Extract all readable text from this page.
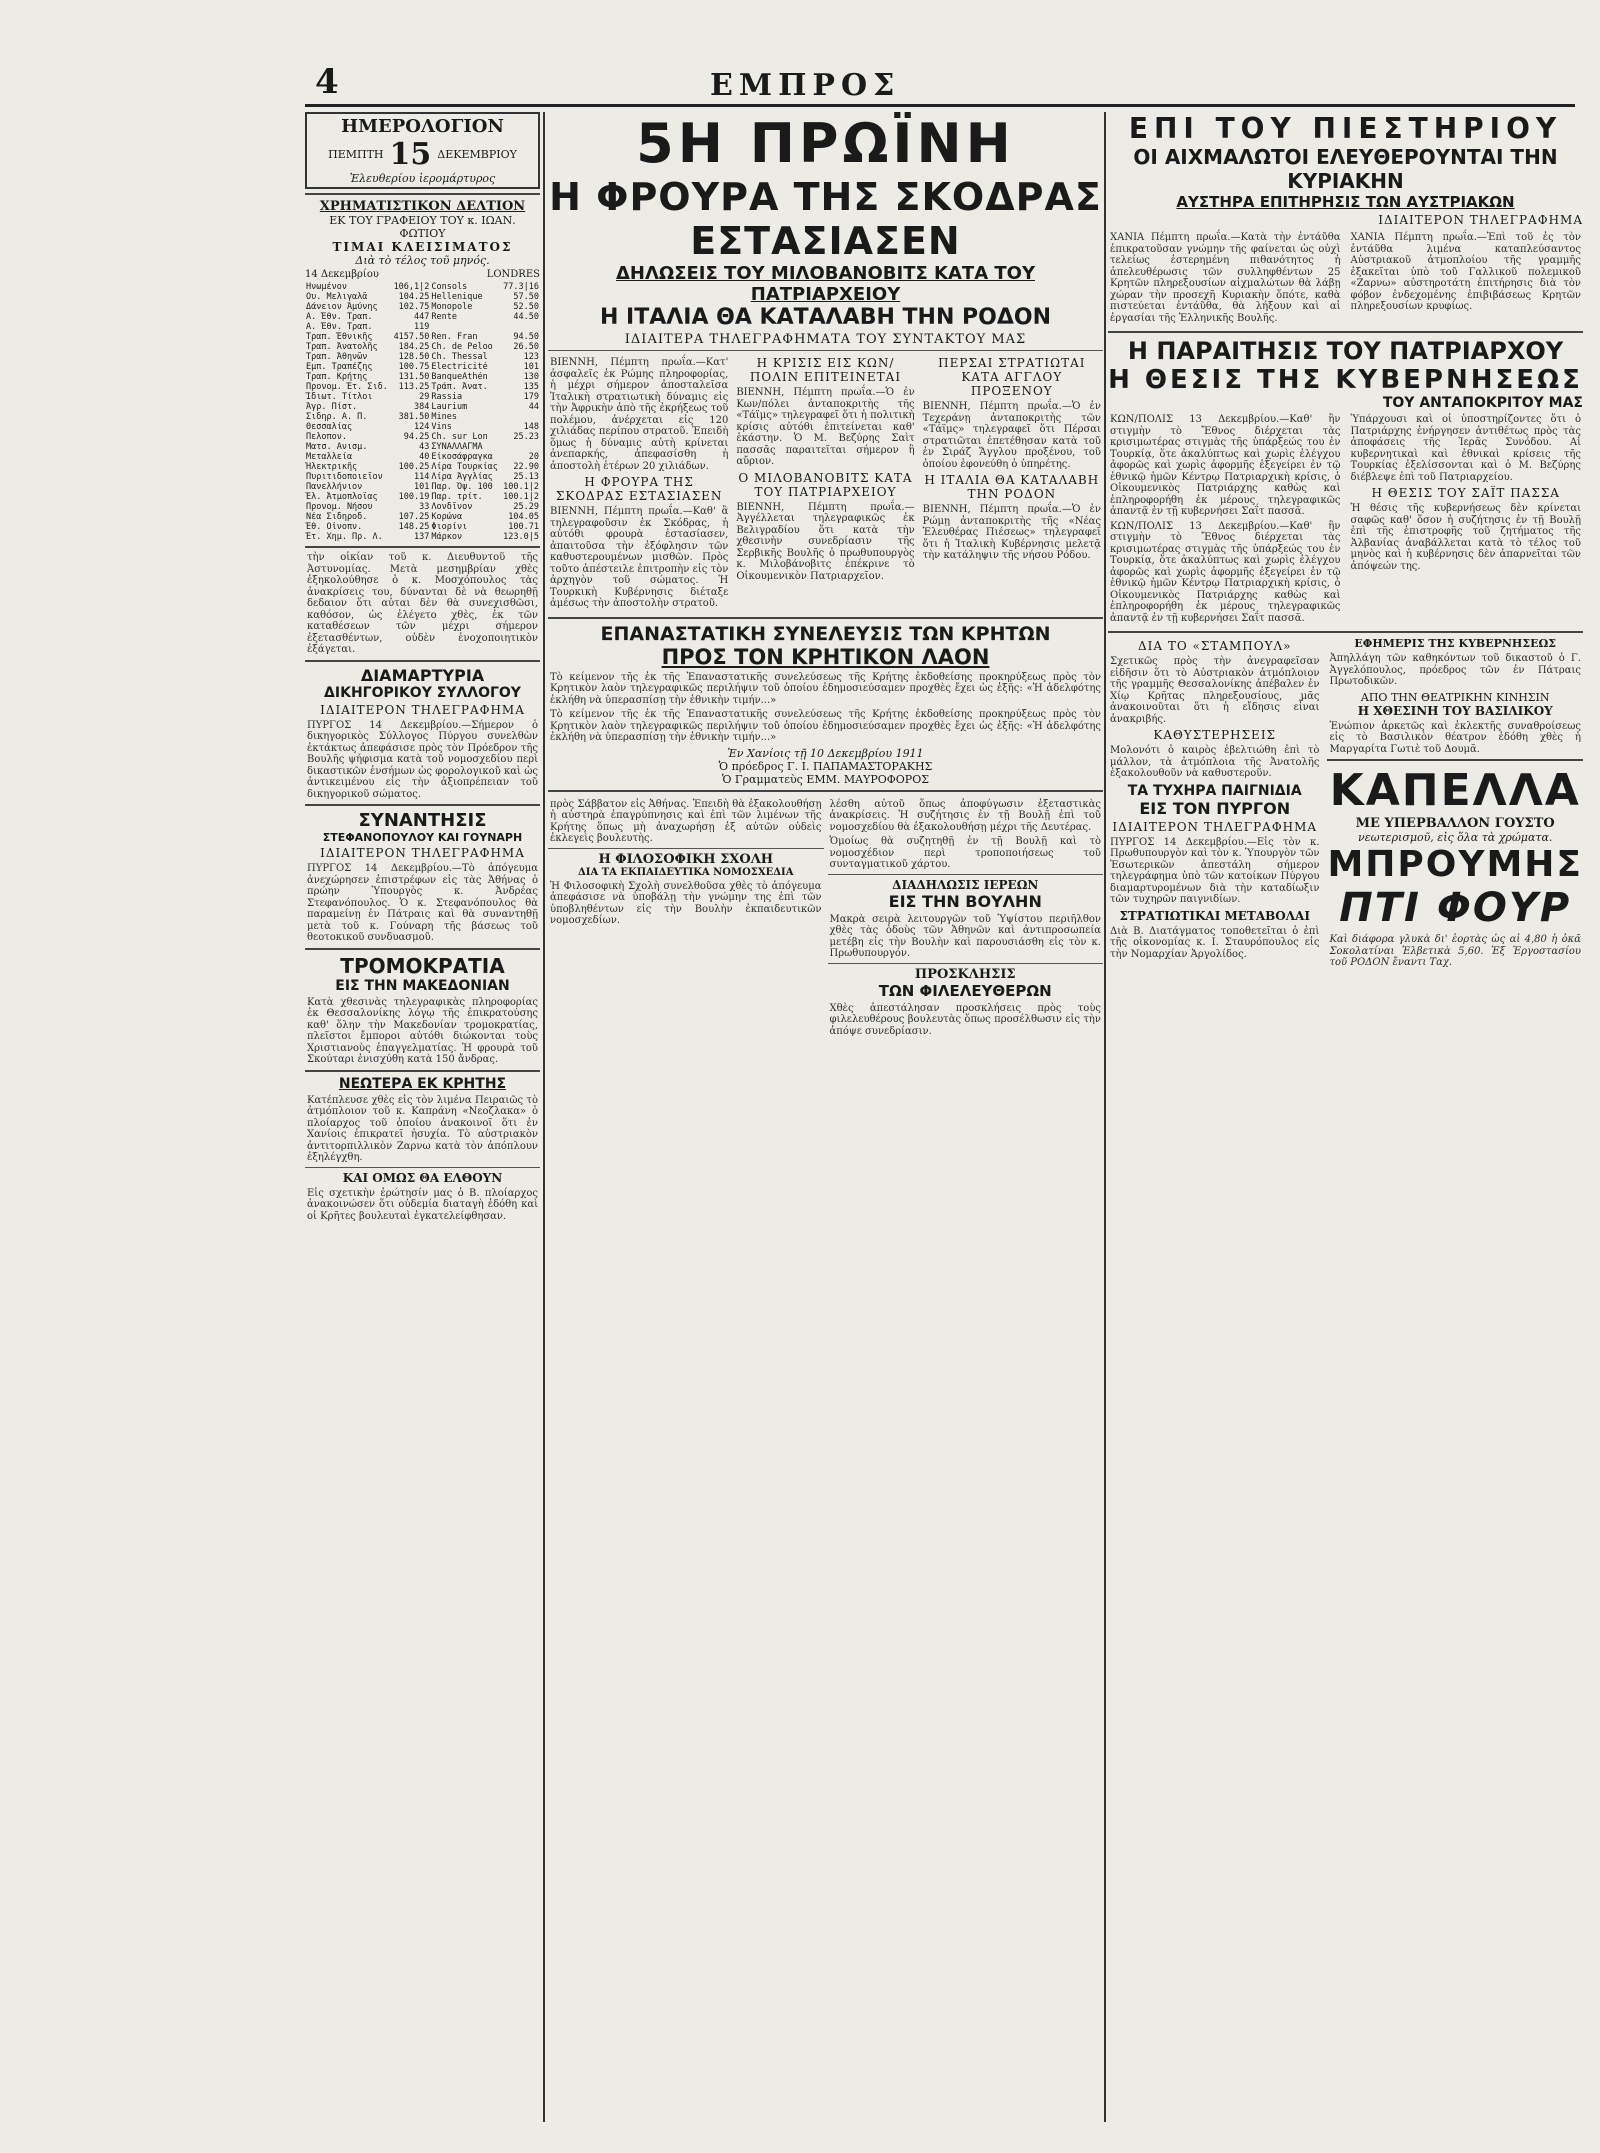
4	ΕΜΠΡΟΣ
ΗΜΕΡΟΛΟΓΙΟΝ
ΠΕΜΠΤΗ 15 ΔΕΚΕΜΒΡΙΟΥ
Ἐλευθερίου ἱερομάρτυρος
ΧΡΗΜΑΤΙΣΤΙΚΟΝ ΔΕΛΤΙΟΝ
ΕΚ ΤΟΥ ΓΡΑΦΕΙΟΥ ΤΟΥ κ. ΙΩΑΝ. ΦΩΤΙΟΥ
ΤΙΜΑΙ ΚΛΕΙΣΙΜΑΤΟΣ
Διὰ τὸ τέλος τοῦ μηνός.
14 Δεκεμβρίου	LONDRES
Ηνωμένον	106,1|2	Consols	77.3|16
Ου. Μελιγαλᾶ	104.25	Hellenique	57.50
Δάνειον Ἀμύνης	102.75	Monopole	52.50
Α. Ἐθν. Τραπ.	447	Rente	44.50
Α. Ἐθν. Τραπ.	119		
Τραπ. Ἐθνικῆς	4157.50	Ren. Fran	94.50
Τραπ. Ἀνατολῆς	184.25	Ch. de Peloo	26.50
Τραπ. Ἀθηνῶν	128.50	Ch. Thessal	123
Εμπ. Τραπέζης	100.75	Electricité	101
Τραπ. Κρήτης	131.50	BanqueAthén	130
Προνομ. Ἐτ. Σιδ.	113.25	Τράπ. Ἀνατ.	135
Ἰδιωτ. Τίτλοι	29	Rassia	179
Ἀγρ. Πίστ.	384	Laurium	44
Σιδηρ. Α. Π.	381.50	Mines	
Θεσσαλίας	124	Vins	148
Πελοπον.	94.25	Ch. sur Lon	25.23
Ματσ. Ανισμ.	43	ΣΥΝΑΛΛΑΓΜΑ	
Μεταλλεία	40	Εἰκοσάφραγκα	20
Ἠλεκτρικῆς	100.25	Λίρα Τουρκίας	22.90
Πυριτιδοποιεῖον	114	Λίρα Ἀγγλίας	25.13
Πανελλήνιον	101	Παρ. Ὀψ. 100	100.1|2
Ἑλ. Ἀτμοπλοΐας	100.19	Παρ. τρίτ.	100.1|2
Προνομ. Νήσου	33	Λονδῖνον	25.29
Νέα Σιδηροδ.	107.25	Κορώνα	104.05
Ἐθ. Οἰνοπν.	148.25	Φιορίνι	100.71
Ἐτ. Χημ. Πρ. Λ.	137	Μάρκον	123.0|5
τὴν οἰκίαν τοῦ κ. Διευθυντοῦ τῆς Ἀστυνομίας. Μετὰ μεσημβρίαν χθὲς ἐξηκολούθησε ὁ κ. Μοσχόπουλος τὰς ἀνακρίσεις του, δύνανται δὲ νὰ θεωρηθῇ δεδαιον ὅτι αὐται δὲν θὰ συνεχισθῶσι, καθόσον, ὡς ἐλέγετο χθὲς, ἐκ τῶν καταθέσεων τῶν μέχρι σήμερον ἐξετασθέντων, οὐδὲν ἐνοχοποιητικὸν ἐξάγεται.
ΔΙΑΜΑΡΤΥΡΙΑ
ΔΙΚΗΓΟΡΙΚΟΥ ΣΥΛΛΟΓΟΥ
ΙΔΙΑΙΤΕΡΟΝ ΤΗΛΕΓΡΑΦΗΜΑ
ΠΥΡΓΟΣ 14 Δεκεμβρίου.—Σήμερον ὁ δικηγορικὸς Σύλλογος Πύργου συνελθὼν ἐκτάκτως ἀπεφάσισε πρὸς τὸν Πρόεδρον τῆς Βουλῆς ψήφισμα κατὰ τοῦ νομοσχεδίου περὶ δικαστικῶν ἐνσήμων ὡς φορολογικοῦ καὶ ὡς ἀντικειμένου εἰς τὴν ἀξιοπρέπειαν τοῦ δικηγορικοῦ σώματος.
ΣΥΝΑΝΤΗΣΙΣ
ΣΤΕΦΑΝΟΠΟΥΛΟΥ ΚΑΙ ΓΟΥΝΑΡΗ
ΙΔΙΑΙΤΕΡΟΝ ΤΗΛΕΓΡΑΦΗΜΑ
ΠΥΡΓΟΣ 14 Δεκεμβρίου.—Τὸ ἀπόγευμα ἀνεχώρησεν ἐπιστρέφων εἰς τὰς Ἀθήνας ὁ πρώην Ὑπουργὸς κ. Ἀνδρέας Στεφανόπουλος. Ὁ κ. Στεφανόπουλος θὰ παραμείνῃ ἐν Πάτραις καὶ θὰ συναντηθῇ μετὰ τοῦ κ. Γούναρη τῆς βάσεως τοῦ θεοτοκικοῦ συνδυασμοῦ.
ΤΡΟΜΟΚΡΑΤΙΑ
ΕΙΣ ΤΗΝ ΜΑΚΕΔΟΝΙΑΝ
Κατὰ χθεσινὰς τηλεγραφικὰς πληροφορίας ἐκ Θεσσαλονίκης λόγῳ τῆς ἐπικρατούσης καθ' ὅλην τὴν Μακεδονίαν τρομοκρατίας, πλεῖστοι ἔμποροι αὐτόθι διώκονται τοὺς Χριστιανοὺς ἐπαγγελματίας. Ἡ φρουρὰ τοῦ Σκούταρι ἐνισχύθη κατὰ 150 ἄνδρας.
ΝΕΩΤΕΡΑ ΕΚ ΚΡΗΤΗΣ
Κατέπλευσε χθὲς εἰς τὸν λιμένα Πειραιῶς τὸ ἀτμόπλοιον τοῦ κ. Καπράνη «Νεοζλακα» ὁ πλοίαρχος τοῦ ὁποίου ἀνακοινοῖ ὅτι ἐν Χανίοις ἐπικρατεῖ ἡσυχία. Τὸ αὐστριακὸν ἀντιτορπιλλικὸν Ζαρνω κατὰ τὸν ἀπόπλουν ἐξηλέγχθη.
ΚΑΙ ΟΜΩΣ ΘΑ ΕΛΘΟΥΝ
Εἰς σχετικὴν ἐρώτησίν μας ὁ Β. πλοίαρχος ἀνακοινώσεν ὅτι οὐδεμία διαταγὴ ἐδόθη καὶ οἱ Κρῆτες βουλευταὶ ἐγκατελείφθησαν.
5Η ΠΡΩΪΝΗ
Η ΦΡΟΥΡΑ ΤΗΣ ΣΚΟΔΡΑΣ ΕΣΤΑΣΙΑΣΕΝ
ΔΗΛΩΣΕΙΣ ΤΟΥ ΜΙΛΟΒΑΝΟΒΙΤΣ ΚΑΤΑ ΤΟΥ ΠΑΤΡΙΑΡΧΕΙΟΥ
Η ΙΤΑΛΙΑ ΘΑ ΚΑΤΑΛΑΒΗ ΤΗΝ ΡΟΔΟΝ
ΙΔΙΑΙΤΕΡΑ ΤΗΛΕΓΡΑΦΗΜΑΤΑ ΤΟΥ ΣΥΝΤΑΚΤΟΥ ΜΑΣ
ΒΙΕΝΝΗ, Πέμπτη πρωΐα.—Κατ' ἀσφαλεῖς ἐκ Ρώμης πληροφορίας, ἡ μέχρι σήμερον ἀποσταλεῖσα Ἰταλικὴ στρατιωτικὴ δύναμις εἰς τὴν Ἀφρικὴν ἀπὸ τῆς ἐκρήξεως τοῦ πολέμου, ἀνέρχεται εἰς 120 χιλιάδας περίπου στρατοῦ. Ἐπειδὴ ὅμως ἡ δύναμις αὐτὴ κρίνεται ἀνεπαρκής, ἀπεφασίσθη ἡ ἀποστολὴ ἑτέρων 20 χιλιάδων.
Η ΦΡΟΥΡΑ ΤΗΣ ΣΚΟΔΡΑΣ ΕΣΤΑΣΙΑΣΕΝ
ΒΙΕΝΝΗ, Πέμπτη πρωΐα.—Καθ' ἃ τηλεγραφοῦσιν ἐκ Σκόδρας, ἡ αὐτόθι φρουρὰ ἐστασίασεν, ἀπαιτοῦσα τὴν ἐξόφλησιν τῶν καθυστερουμένων μισθῶν. Πρὸς τοῦτο ἀπέστειλε ἐπιτροπὴν εἰς τὸν ἀρχηγὸν τοῦ σώματος. Ἡ Τουρκικὴ Κυβέρνησις διέταξε ἀμέσως τὴν ἀποστολὴν στρατοῦ.
Η ΚΡΙΣΙΣ ΕΙΣ ΚΩΝ/ΠΟΛΙΝ ΕΠΙΤΕΙΝΕΤΑΙ
ΒΙΕΝΝΗ, Πέμπτη πρωΐα.—Ὁ ἐν Κων/πόλει ἀνταποκριτὴς τῆς «Τάϊμς» τηλεγραφεῖ ὅτι ἡ πολιτικὴ κρίσις αὐτόθι ἐπιτείνεται καθ' ἑκάστην. Ὁ Μ. Βεζύρης Σαὶτ πασσᾶς παραιτεῖται σήμερον ἢ αὔριον.
Ο ΜΙΛΟΒΑΝΟΒΙΤΣ ΚΑΤΑ ΤΟΥ ΠΑΤΡΙΑΡΧΕΙΟΥ
ΒΙΕΝΝΗ, Πέμπτη πρωΐα.—Ἀγγέλλεται τηλεγραφικῶς ἐκ Βελιγραδίου ὅτι κατὰ τὴν χθεσινὴν συνεδρίασιν τῆς Σερβικῆς Βουλῆς ὁ πρωθυπουργὸς κ. Μιλοβάνοβιτς ἐπέκρινε τὸ Οἰκουμενικὸν Πατριαρχεῖον.
ΠΕΡΣΑΙ ΣΤΡΑΤΙΩΤΑΙ ΚΑΤΑ ΑΓΓΛΟΥ ΠΡΟΞΕΝΟΥ
ΒΙΕΝΝΗ, Πέμπτη πρωΐα.—Ὁ ἐν Τεχεράνῃ ἀνταποκριτὴς τῶν «Τάϊμς» τηλεγραφεῖ ὅτι Πέρσαι στρατιῶται ἐπετέθησαν κατὰ τοῦ ἐν Σιράζ Ἄγγλου προξένου, τοῦ ὁποίου ἐφονεύθη ὁ ὑπηρέτης.
Η ΙΤΑΛΙΑ ΘΑ ΚΑΤΑΛΑΒΗ ΤΗΝ ΡΟΔΟΝ
ΒΙΕΝΝΗ, Πέμπτη πρωΐα.—Ὁ ἐν Ρώμῃ ἀνταποκριτὴς τῆς «Νέας Ἐλευθέρας Πιέσεως» τηλεγραφεῖ ὅτι ἡ Ἰταλικὴ Κυβέρνησις μελετᾷ τὴν κατάληψιν τῆς νήσου Ρόδου.
ΕΠΑΝΑΣΤΑΤΙΚΗ ΣΥΝΕΛΕΥΣΙΣ ΤΩΝ ΚΡΗΤΩΝ
ΠΡΟΣ ΤΟΝ ΚΡΗΤΙΚΟΝ ΛΑΟΝ
Τὸ κείμενον τῆς ἐκ τῆς Ἐπαναστατικῆς συνελεύσεως τῆς Κρήτης ἐκδοθείσης προκηρύξεως πρὸς τὸν Κρητικὸν λαὸν τηλεγραφικῶς περιλήψιν τοῦ ὁποίου ἐδημοσιεύσαμεν προχθὲς ἔχει ὡς ἑξῆς: «Ἡ ἀδελφότης ἐκλήθη νὰ ὑπερασπίσῃ τὴν ἐθνικὴν τιμήν...»
Τὸ κείμενον τῆς ἐκ τῆς Ἐπαναστατικῆς συνελεύσεως τῆς Κρήτης ἐκδοθείσης προκηρύξεως πρὸς τὸν Κρητικὸν λαὸν τηλεγραφικῶς περιλήψιν τοῦ ὁποίου ἐδημοσιεύσαμεν προχθὲς ἔχει ὡς ἑξῆς: «Ἡ ἀδελφότης ἐκλήθη νὰ ὑπερασπίσῃ τὴν ἐθνικὴν τιμήν...»
Ἐν Χανίοις τῇ 10 Δεκεμβρίου 1911
Ὁ πρόεδρος Γ. Ι. ΠΑΠΑΜΑΣΤΟΡΑΚΗΣ
Ὁ Γραμματεὺς ΕΜΜ. ΜΑΥΡΟΦΟΡΟΣ
πρὸς Σάββατον εἰς Ἀθήνας. Ἐπειδὴ θὰ ἐξακολουθήσῃ ἡ αὐστηρὰ ἐπαγρύπνησις καὶ ἐπὶ τῶν λιμένων τῆς Κρήτης ὅπως μὴ ἀναχωρήσῃ ἐξ αὐτῶν οὐδεὶς ἐκλεγεὶς βουλευτὴς.
Η ΦΙΛΟΣΟΦΙΚΗ ΣΧΟΛΗ
ΔΙΑ ΤΑ ΕΚΠΑΙΔΕΥΤΙΚΑ ΝΟΜΟΣΧΕΔΙΑ
Ἡ Φιλοσοφικὴ Σχολὴ συνελθοῦσα χθὲς τὸ ἀπόγευμα ἀπεφάσισε νὰ ὑποβάλῃ τὴν γνώμην της ἐπὶ τῶν ὑποβληθέντων εἰς τὴν Βουλὴν ἐκπαιδευτικῶν νομοσχεδίων.
λέσθη αὐτοῦ ὅπως ἀποφύγωσιν ἐξεταστικὰς ἀνακρίσεις. Ἡ συζήτησις ἐν τῇ Βουλῇ ἐπὶ τοῦ νομοσχεδίου θὰ ἐξακολουθήσῃ μέχρι τῆς Δευτέρας.
Ὁμοίως θὰ συζητηθῇ ἐν τῇ Βουλῇ καὶ τὸ νομοσχέδιον περὶ τροποποιήσεως τοῦ συνταγματικοῦ χάρτου.
ΔΙΑΔΗΛΩΣΙΣ ΙΕΡΕΩΝ
ΕΙΣ ΤΗΝ ΒΟΥΛΗΝ
Μακρὰ σειρὰ λειτουργῶν τοῦ Ὑψίστου περιῆλθον χθὲς τὰς ὁδοὺς τῶν Ἀθηνῶν καὶ ἀντιπροσωπεία μετέβη εἰς τὴν Βουλὴν καὶ παρουσιάσθη εἰς τὸν κ. Πρωθυπουργόν.
ΠΡΟΣΚΛΗΣΙΣ
ΤΩΝ ΦΙΛΕΛΕΥΘΕΡΩΝ
Χθὲς ἀπεστάλησαν προσκλήσεις πρὸς τοὺς φιλελευθέρους βουλευτὰς ὅπως προσέλθωσιν εἰς τὴν ἀπόψε συνεδρίασιν.
ΕΠΙ ΤΟΥ ΠΙΕΣΤΗΡΙΟΥ
ΟΙ ΑΙΧΜΑΛΩΤΟΙ ΕΛΕΥΘΕΡΟΥΝΤΑΙ ΤΗΝ ΚΥΡΙΑΚΗΝ
ΑΥΣΤΗΡΑ ΕΠΙΤΗΡΗΣΙΣ ΤΩΝ ΑΥΣΤΡΙΑΚΩΝ
ΙΔΙΑΙΤΕΡΟΝ ΤΗΛΕΓΡΑΦΗΜΑ
ΧΑΝΙΑ Πέμπτη πρωΐα.—Κατὰ τὴν ἐντάῦθα ἐπικρατοῦσαν γνώμην τῆς φαίνεται ὡς οὐχὶ τελείως ἐστερημένη πιθανότητος ἡ ἀπελευθέρωσις τῶν συλληφθέντων 25 Κρητῶν πληρεξουσίων αἰχμαλώτων θὰ λάβῃ χώραν τὴν προσεχῆ Κυριακὴν ὅπότε, καθὰ πιστεύεται ἐντάῦθα, θὰ λήξουν καὶ αἱ ἐργασίαι τῆς Ἑλληνικῆς Βουλῆς.
ΧΑΝΙΑ Πέμπτη πρωΐα.—Ἐπὶ τοῦ ἐς τὸν ἐντάῦθα λιμένα καταπλεύσαντος Αὐστριακοῦ ἀτμοπλοίου τῆς γραμμῆς ἐξακεῖται ὑπὸ τοῦ Γαλλικοῦ πολεμικοῦ «Ζαρνω» αὐστηροτάτη ἐπιτήρησις διὰ τὸν φόβον ἐνδεχομένης ἐπιβιβάσεως Κρητῶν πληρεξουσίων κρυφίως.
Η ΠΑΡΑΙΤΗΣΙΣ ΤΟΥ ΠΑΤΡΙΑΡΧΟΥ
Η ΘΕΣΙΣ ΤΗΣ ΚΥΒΕΡΝΗΣΕΩΣ
ΤΟΥ ΑΝΤΑΠΟΚΡΙΤΟΥ ΜΑΣ
ΚΩΝ/ΠΟΛΙΣ 13 Δεκεμβρίου.—Καθ' ἣν στιγμὴν τὸ Ἔθνος διέρχεται τὰς κρισιμωτέρας στιγμὰς τῆς ὑπάρξεώς του ἐν Τουρκίᾳ, ὅτε ἀκαλύπτως καὶ χωρὶς ἐλέγχου ἀφορῶς καὶ χωρὶς ἀφορμῆς ἐξεγείρει ἐν τῷ ἐθνικῷ ἡμῶν Κέντρῳ Πατριαρχικὴ κρίσις, ὁ Οἰκουμενικὸς Πατριάρχης καθὼς καὶ ἐπληροφορήθη ἐκ μέρους τηλεγραφικῶς ἀπαντᾷ ἐν τῇ κυβερνήσει Σαΐτ πασσᾶ.
ΚΩΝ/ΠΟΛΙΣ 13 Δεκεμβρίου.—Καθ' ἣν στιγμὴν τὸ Ἔθνος διέρχεται τὰς κρισιμωτέρας στιγμὰς τῆς ὑπάρξεώς του ἐν Τουρκίᾳ, ὅτε ἀκαλύπτως καὶ χωρὶς ἐλέγχου ἀφορῶς καὶ χωρὶς ἀφορμῆς ἐξεγείρει ἐν τῷ ἐθνικῷ ἡμῶν Κέντρῳ Πατριαρχικὴ κρίσις, ὁ Οἰκουμενικὸς Πατριάρχης καθὼς καὶ ἐπληροφορήθη ἐκ μέρους τηλεγραφικῶς ἀπαντᾷ ἐν τῇ κυβερνήσει Σαΐτ πασσᾶ.
Ὑπάρχουσι καὶ οἱ ὑποστηρίζοντες ὅτι ὁ Πατριάρχης ἐνήργησεν ἀντιθέτως πρὸς τὰς ἀποφάσεις τῆς Ἱερᾶς Συνόδου. Αἱ κυβερνητικαὶ καὶ ἐθνικαὶ κρίσεις τῆς Τουρκίας ἐξελίσσονται καὶ ὁ Μ. Βεζύρης διέβλεψε ἐπὶ τοῦ Πατριαρχείου.
Η ΘΕΣΙΣ ΤΟΥ ΣΑΪΤ ΠΑΣΣΑ
Ἡ θέσις τῆς κυβερνήσεως δὲν κρίνεται σαφῶς καθ' ὅσον ἡ συζήτησις ἐν τῇ Βουλῇ ἐπὶ τῆς ἐπιστροφῆς τοῦ ζητήματος τῆς Ἀλβανίας ἀναβάλλεται κατὰ τὸ τέλος τοῦ μηνὸς καὶ ἡ κυβέρνησις δὲν ἀπαρνεῖται τῶν ἀπόψεών της.
ΔΙΑ ΤΟ «ΣΤΑΜΠΟΥΛ»
Σχετικῶς πρὸς τὴν ἀνεγραφεῖσαν εἰδῆσιν ὅτι τὸ Αὐστριακὸν ἀτμόπλοιον τῆς γραμμῆς Θεσσαλονίκης ἀπέβαλεν ἐν Χίῳ Κρῆτας πληρεξουσίους, μᾶς ἀνακοινοῦται ὅτι ἡ εἴδησις εἶναι ἀνακριβής.
ΚΑΘΥΣΤΕΡΗΣΕΙΣ
Μολονότι ὁ καιρὸς ἐβελτιώθη ἐπὶ τὸ μάλλον, τὰ ἀτμόπλοια τῆς Ἀνατολῆς ἐξακολουθοῦν νὰ καθυστεροῦν.
ΤΑ ΤΥΧΗΡΑ ΠΑΙΓΝΙΔΙΑ
ΕΙΣ ΤΟΝ ΠΥΡΓΟΝ
ΙΔΙΑΙΤΕΡΟΝ ΤΗΛΕΓΡΑΦΗΜΑ
ΠΥΡΓΟΣ 14 Δεκεμβρίου.—Εἰς τὸν κ. Πρωθυπουργὸν καὶ τὸν κ. Ὑπουργὸν τῶν Ἐσωτερικῶν ἀπεστάλη σήμερον τηλεγράφημα ὑπὸ τῶν κατοίκων Πύργου διαμαρτυρομένων διὰ τὴν καταδίωξιν τῶν τυχηρῶν παιγνιδίων.
ΣΤΡΑΤΙΩΤΙΚΑΙ ΜΕΤΑΒΟΛΑΙ
Διὰ Β. Διατάγματος τοποθετεῖται ὁ ἐπὶ τῆς οἰκονομίας κ. Ι. Σταυρόπουλος εἰς τὴν Νομαρχίαν Ἀργολίδος.
ΕΦΗΜΕΡΙΣ ΤΗΣ ΚΥΒΕΡΝΗΣΕΩΣ
Ἀπηλλάγη τῶν καθηκόντων τοῦ δικαστοῦ ὁ Γ. Ἀγγελόπουλος, πρόεδρος τῶν ἐν Πάτραις Πρωτοδικῶν.
ΑΠΟ ΤΗΝ ΘΕΑΤΡΙΚΗΝ ΚΙΝΗΣΙΝ
Η ΧΘΕΣΙΝΗ ΤΟΥ ΒΑΣΙΛΙΚΟΥ
Ἐνώπιον ἀρκετῶς καὶ ἐκλεκτῆς συναθροίσεως εἰς τὸ Βασιλικὸν θέατρον ἐδόθη χθὲς ἡ Μαργαρίτα Γωτιὲ τοῦ Δουμᾶ.
ΚΑΠΕΛΛΑ
ΜΕ ΥΠΕΡΒΑΛΛΟΝ ΓΟΥΣΤΟ
νεωτερισμοῦ, εἰς ὅλα τὰ χρώματα.
ΜΠΡΟΥΜΗΣ
ΠΤΙ ΦΟΥΡ
Καὶ διάφορα γλυκὰ δι' ἑορτὰς ὡς αἱ 4,80 ἡ ὀκᾶ Σοκολατίναι Ἐλβετικὰ 5,60. Ἐξ Ἐργοστασίου τοῦ ΡΟΔΟΝ ἔναντι Ταχ.
